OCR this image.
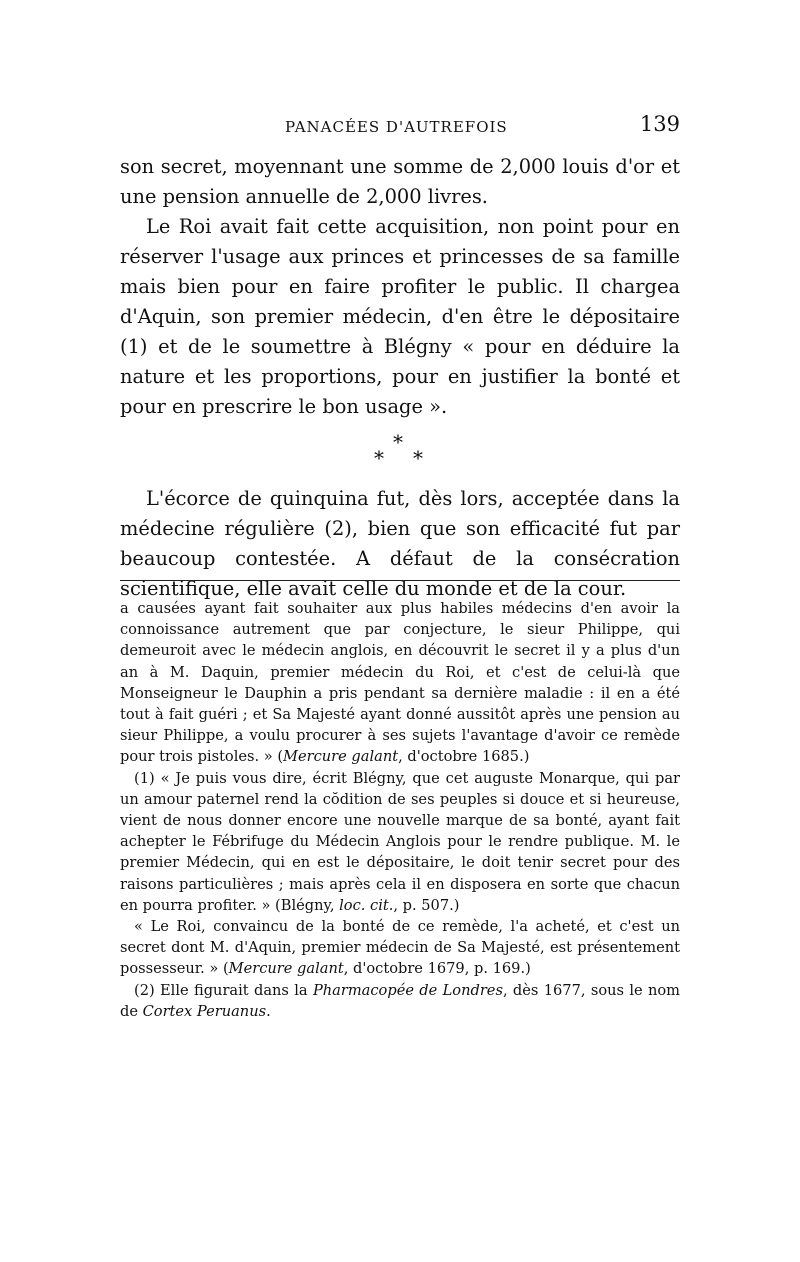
PANACÉES D'AUTREFOIS	139

son secret, moyennant une somme de 2,000 louis d'or et une pension annuelle de 2,000 livres.

Le Roi avait fait cette acquisition, non point pour en réserver l'usage aux princes et princesses de sa famille mais bien pour en faire profiter le public. Il chargea d'Aquin, son premier médecin, d'en être le dépositaire (1) et de le soumettre à Blégny « pour en déduire la nature et les proportions, pour en justifier la bonté et pour en prescrire le bon usage ».

*
* *

L'écorce de quinquina fut, dès lors, acceptée dans la médecine régulière (2), bien que son efficacité fut par beaucoup contestée. A défaut de la consécration scientifique, elle avait celle du monde et de la cour.

a causées ayant fait souhaiter aux plus habiles médecins d'en avoir la connoissance autrement que par conjecture, le sieur Philippe, qui demeuroit avec le médecin anglois, en découvrit le secret il y a plus d'un an à M. Daquin, premier médecin du Roi, et c'est de celui-là que Monseigneur le Dauphin a pris pendant sa dernière maladie : il en a été tout à fait guéri ; et Sa Majesté ayant donné aussitôt après une pension au sieur Philippe, a voulu procurer à ses sujets l'avantage d'avoir ce remède pour trois pistoles. » (Mercure galant, d'octobre 1685.)

(1) « Je puis vous dire, écrit Blégny, que cet auguste Monarque, qui par un amour paternel rend la cŏdition de ses peuples si douce et si heureuse, vient de nous donner encore une nouvelle marque de sa bonté, ayant fait achepter le Fébrifuge du Médecin Anglois pour le rendre publique. M. le premier Médecin, qui en est le dépositaire, le doit tenir secret pour des raisons particulières ; mais après cela il en disposera en sorte que chacun en pourra profiter. » (Blégny, loc. cit., p. 507.)

« Le Roi, convaincu de la bonté de ce remède, l'a acheté, et c'est un secret dont M. d'Aquin, premier médecin de Sa Majesté, est présentement possesseur. » (Mercure galant, d'octobre 1679, p. 169.)

(2) Elle figurait dans la Pharmacopée de Londres, dès 1677, sous le nom de Cortex Peruanus.
